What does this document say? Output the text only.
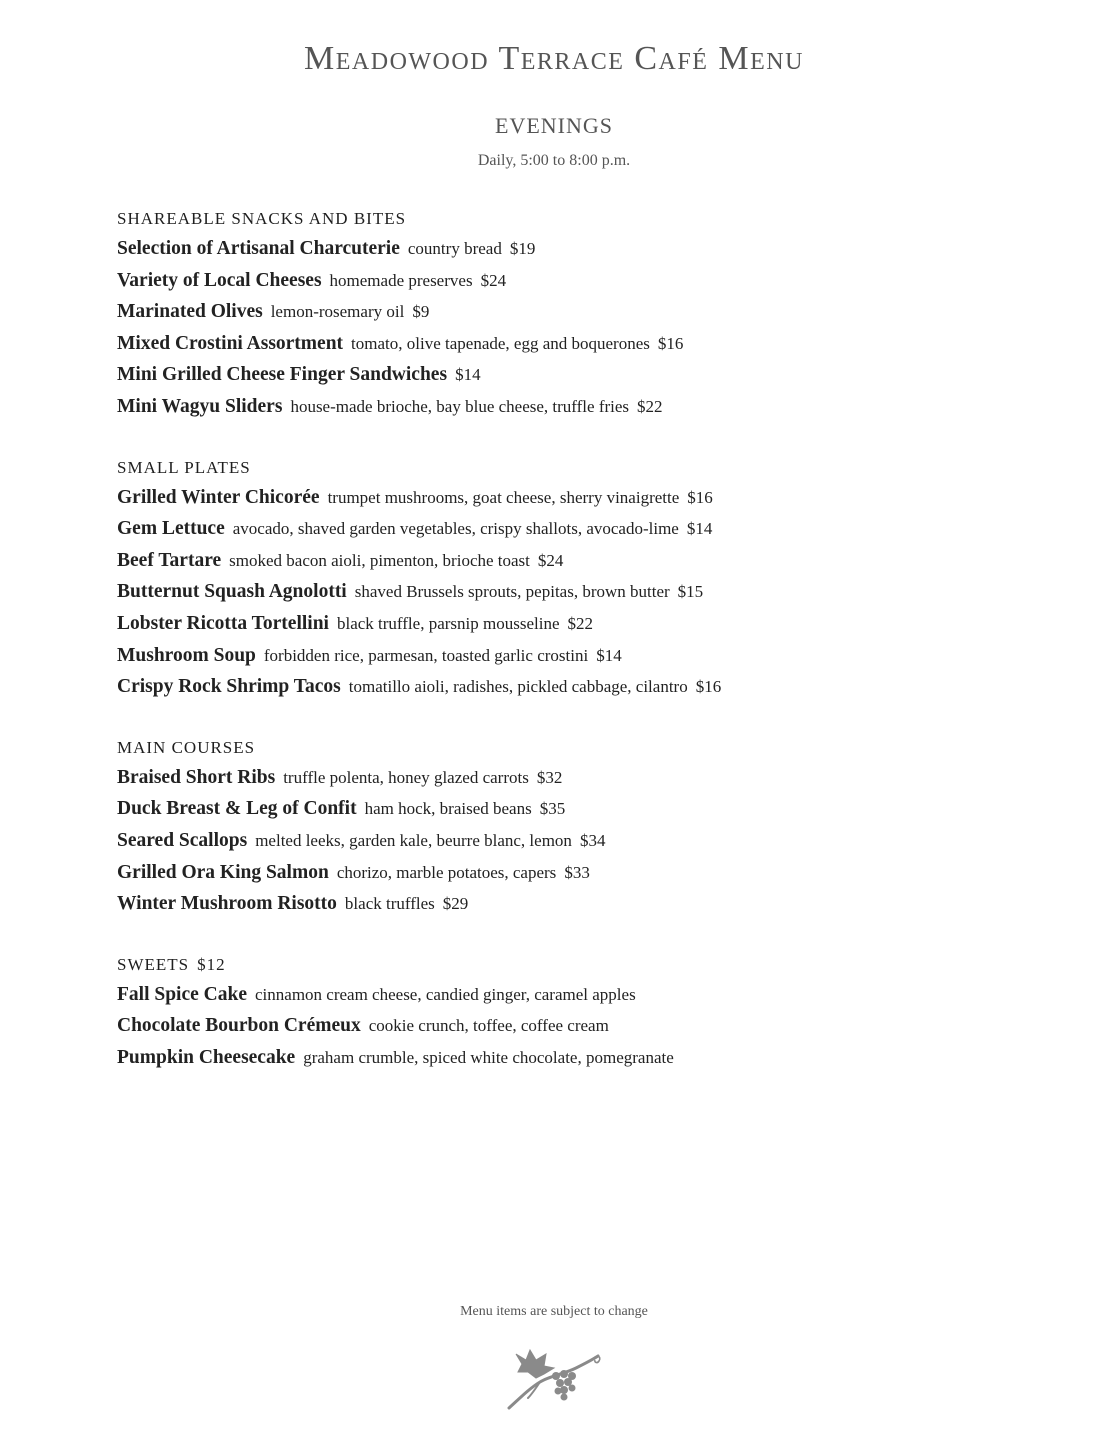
Meadowood Terrace Café Menu
EVENINGS
Daily, 5:00 to 8:00 p.m.
SHAREABLE SNACKS AND BITES
Selection of Artisanal Charcuterie country bread $19
Variety of Local Cheeses homemade preserves $24
Marinated Olives lemon-rosemary oil $9
Mixed Crostini Assortment tomato, olive tapenade, egg and boquerones $16
Mini Grilled Cheese Finger Sandwiches $14
Mini Wagyu Sliders house-made brioche, bay blue cheese, truffle fries $22
SMALL PLATES
Grilled Winter Chicorée trumpet mushrooms, goat cheese, sherry vinaigrette $16
Gem Lettuce avocado, shaved garden vegetables, crispy shallots, avocado-lime $14
Beef Tartare smoked bacon aioli, pimenton, brioche toast $24
Butternut Squash Agnolotti shaved Brussels sprouts, pepitas, brown butter $15
Lobster Ricotta Tortellini black truffle, parsnip mousseline $22
Mushroom Soup forbidden rice, parmesan, toasted garlic crostini $14
Crispy Rock Shrimp Tacos tomatillo aioli, radishes, pickled cabbage, cilantro $16
MAIN COURSES
Braised Short Ribs truffle polenta, honey glazed carrots $32
Duck Breast & Leg of Confit ham hock, braised beans $35
Seared Scallops melted leeks, garden kale, beurre blanc, lemon $34
Grilled Ora King Salmon chorizo, marble potatoes, capers $33
Winter Mushroom Risotto black truffles $29
SWEETS $12
Fall Spice Cake cinnamon cream cheese, candied ginger, caramel apples
Chocolate Bourbon Crémeux cookie crunch, toffee, coffee cream
Pumpkin Cheesecake graham crumble, spiced white chocolate, pomegranate
Menu items are subject to change
